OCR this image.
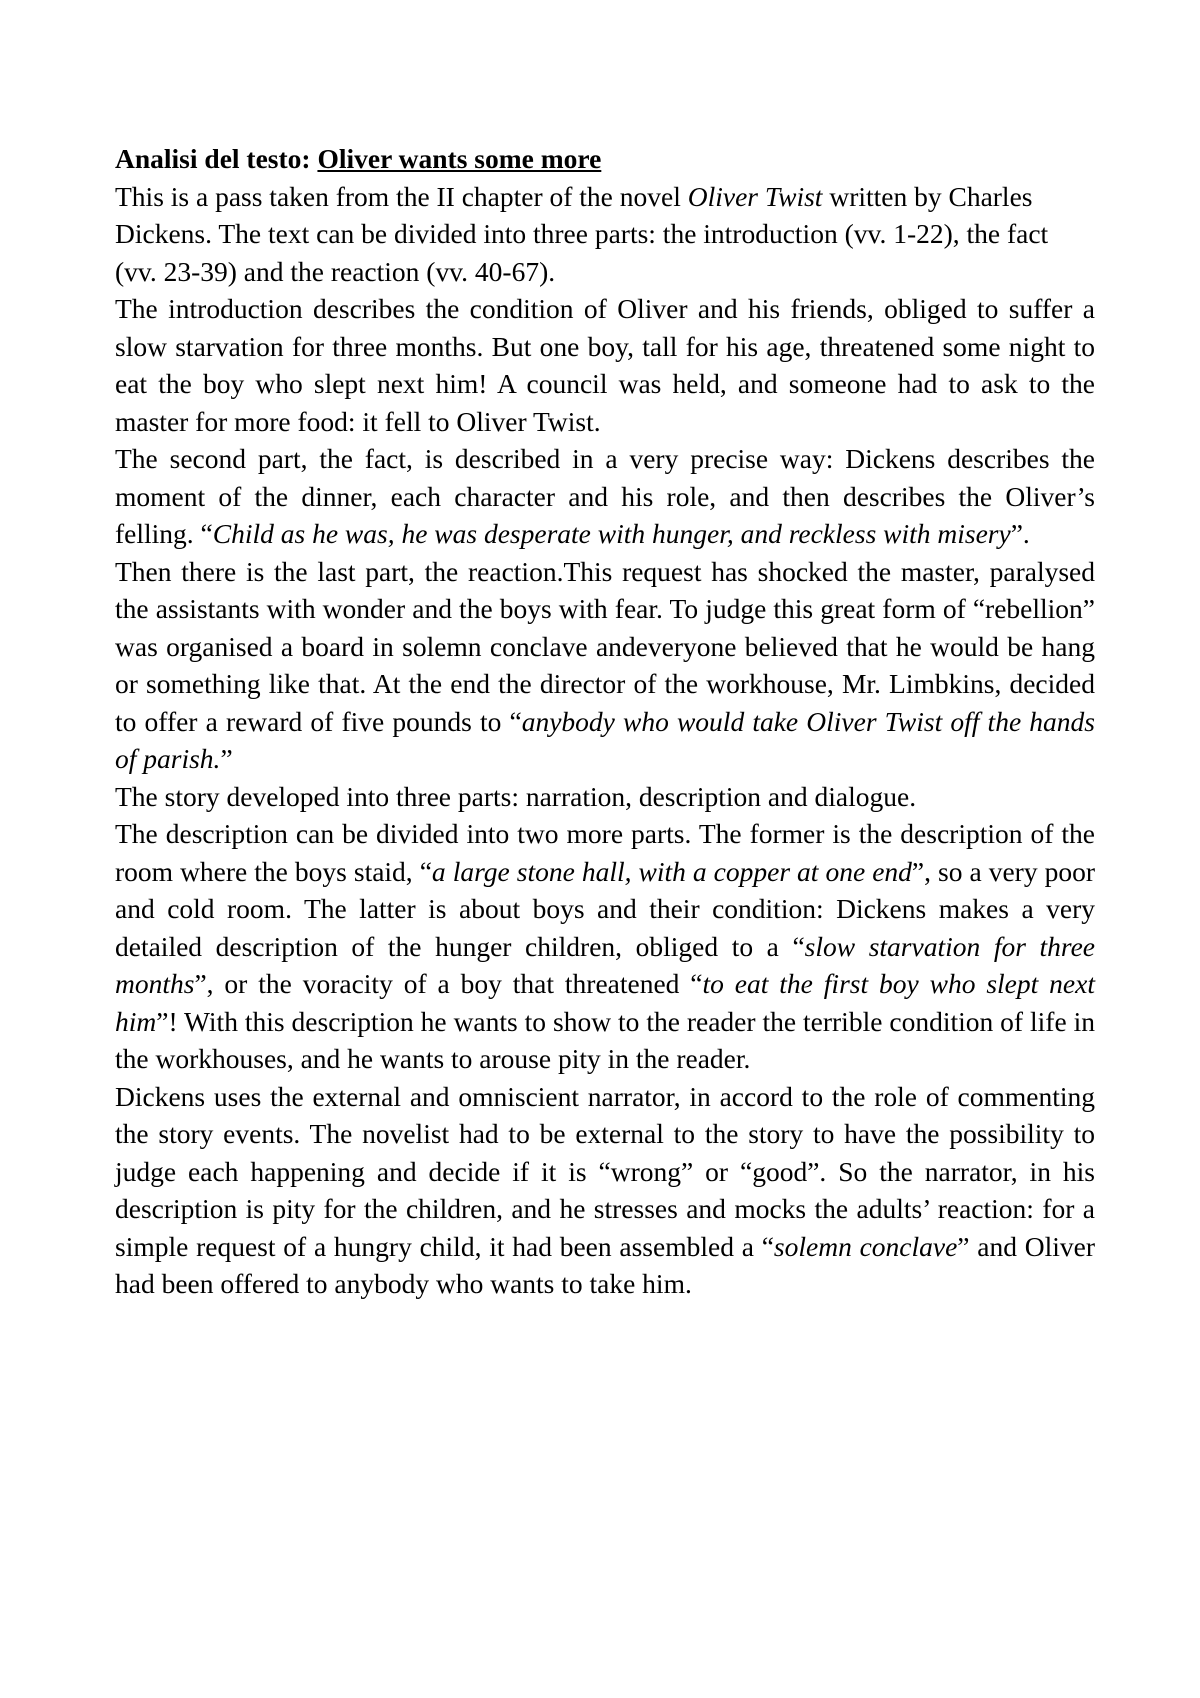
Analisi del testo: Oliver wants some more

This is a pass taken from the II chapter of the novel Oliver Twist written by Charles Dickens. The text can be divided into three parts: the introduction (vv. 1-22), the fact (vv. 23-39) and the reaction (vv. 40-67).

The introduction describes the condition of Oliver and his friends, obliged to suffer a slow starvation for three months. But one boy, tall for his age, threatened some night to eat the boy who slept next him! A council was held, and someone had to ask to the master for more food: it fell to Oliver Twist.

The second part, the fact, is described in a very precise way: Dickens describes the moment of the dinner, each character and his role, and then describes the Oliver’s felling. “Child as he was, he was desperate with hunger, and reckless with misery”.

Then there is the last part, the reaction.This request has shocked the master, paralysed the assistants with wonder and the boys with fear. To judge this great form of “rebellion” was organised a board in solemn conclave andeveryone believed that he would be hang or something like that. At the end the director of the workhouse, Mr. Limbkins, decided to offer a reward of five pounds to “anybody who would take Oliver Twist off the hands of parish.”

The story developed into three parts: narration, description and dialogue.

The description can be divided into two more parts. The former is the description of the room where the boys staid, “a large stone hall, with a copper at one end”, so a very poor and cold room. The latter is about boys and their condition: Dickens makes a very detailed description of the hunger children, obliged to a “slow starvation for three months”, or the voracity of a boy that threatened “to eat the first boy who slept next him”! With this description he wants to show to the reader the terrible condition of life in the workhouses, and he wants to arouse pity in the reader.

Dickens uses the external and omniscient narrator, in accord to the role of commenting the story events. The novelist had to be external to the story to have the possibility to judge each happening and decide if it is “wrong” or “good”. So the narrator, in his description is pity for the children, and he stresses and mocks the adults’ reaction: for a simple request of a hungry child, it had been assembled a “solemn conclave” and Oliver had been offered to anybody who wants to take him.
